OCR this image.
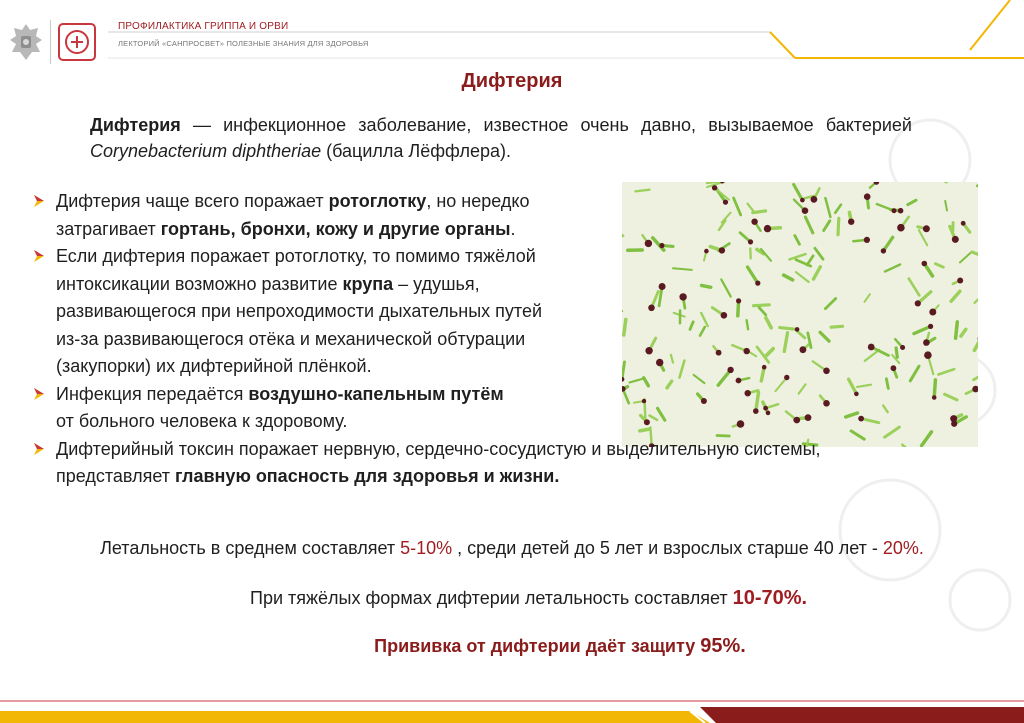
ПРОФИЛАКТИКА ГРИППА И ОРВИ
ЛЕКТОРИЙ «САНПРОСВЕТ» ПОЛЕЗНЫЕ ЗНАНИЯ ДЛЯ ЗДОРОВЬЯ
Дифтерия
Дифтерия — инфекционное заболевание, известное очень давно, вызываемое бактерией Corynebacterium diphtheriae (бацилла Лёффлера).
Дифтерия чаще всего поражает ротоглотку, но нередко
затрагивает гортань, бронхи, кожу и другие органы.
Если дифтерия поражает ротоглотку, то помимо тяжёлой
интоксикации возможно развитие крупа – удушья,
развивающегося при непроходимости дыхательных путей
из-за развивающегося отёка и механической обтурации
(закупорки) их дифтерийной плёнкой.
Инфекция передаётся воздушно-капельным путём
от больного человека к здоровому.
Дифтерийный токсин поражает нервную, сердечно-сосудистую и выделительную системы,
представляет главную опасность для здоровья и жизни.
Летальность в среднем составляет 5-10% , среди детей до 5 лет и взрослых старше 40 лет - 20%.
При тяжёлых формах дифтерии летальность составляет 10-70%.
Прививка от дифтерии даёт защиту 95%.
